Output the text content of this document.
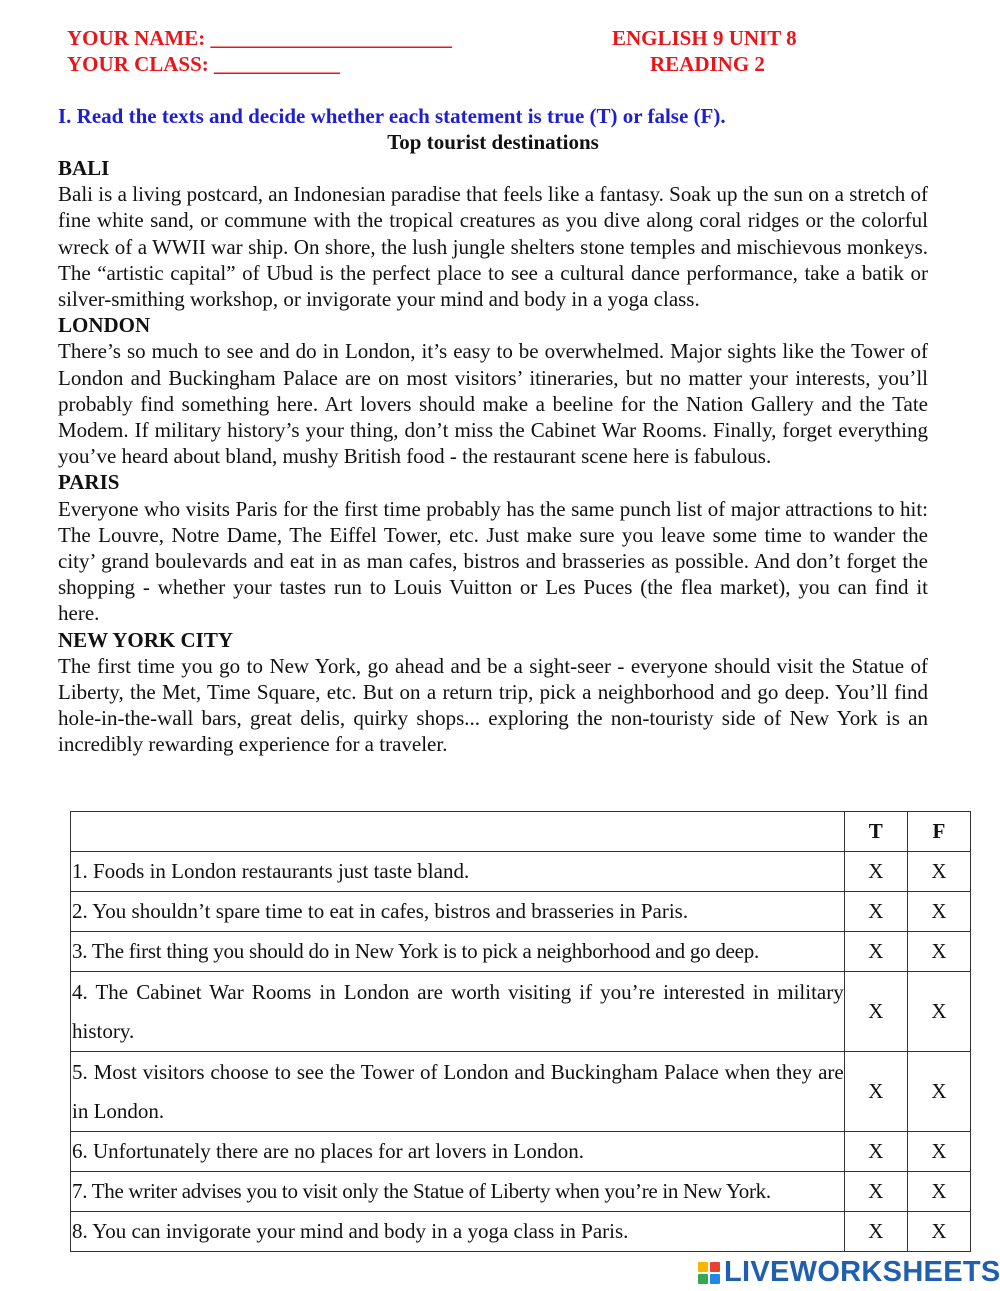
YOUR NAME: _______________________
YOUR CLASS: ____________
ENGLISH 9 UNIT 8
READING 2
I. Read the texts and decide whether each statement is true (T) or false (F).
Top tourist destinations
BALI
Bali is a living postcard, an Indonesian paradise that feels like a fantasy. Soak up the sun on a stretch of fine white sand, or commune with the tropical creatures as you dive along coral ridges or the colorful wreck of a WWII war ship. On shore, the lush jungle shelters stone temples and mischievous monkeys. The “artistic capital” of Ubud is the perfect place to see a cultural dance performance, take a batik or silver-smithing workshop, or invigorate your mind and body in a yoga class.
LONDON
There’s so much to see and do in London, it’s easy to be overwhelmed. Major sights like the Tower of London and Buckingham Palace are on most visitors’ itineraries, but no matter your interests, you’ll probably find something here. Art lovers should make a beeline for the Nation Gallery and the Tate Modem. If military history’s your thing, don’t miss the Cabinet War Rooms. Finally, forget everything you’ve heard about bland, mushy British food - the restaurant scene here is fabulous.
PARIS
Everyone who visits Paris for the first time probably has the same punch list of major attractions to hit: The Louvre, Notre Dame, The Eiffel Tower, etc. Just make sure you leave some time to wander the city’ grand boulevards and eat in as man cafes, bistros and brasseries as possible. And don’t forget the shopping - whether your tastes run to Louis Vuitton or Les Puces (the flea market), you can find it here.
NEW YORK CITY
The first time you go to New York, go ahead and be a sight-seer - everyone should visit the Statue of Liberty, the Met, Time Square, etc. But on a return trip, pick a neighborhood and go deep. You’ll find hole-in-the-wall bars, great delis, quirky shops... exploring the non-touristy side of New York is an incredibly rewarding experience for a traveler.
	T	F
1. Foods in London restaurants just taste bland.	X	X
2. You shouldn’t spare time to eat in cafes, bistros and brasseries in Paris.	X	X
3. The first thing you should do in New York is to pick a neighborhood and go deep.	X	X
4. The Cabinet War Rooms in London are worth visiting if you’re interested in military history.	X	X
5. Most visitors choose to see the Tower of London and Buckingham Palace when they are in London.	X	X
6. Unfortunately there are no places for art lovers in London.	X	X
7. The writer advises you to visit only the Statue of Liberty when you’re in New York.	X	X
8. You can invigorate your mind and body in a yoga class in Paris.	X	X
LIVEWORKSHEETS
